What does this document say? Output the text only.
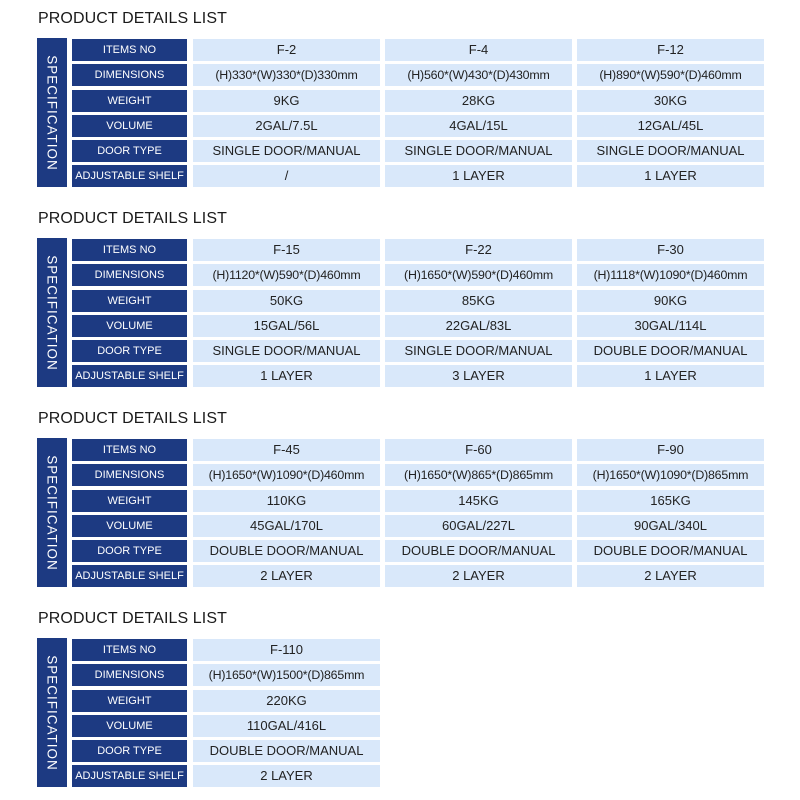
PRODUCT DETAILS LIST
SPECIFICATION
ITEMS NO	F-2	F-4	F-12
DIMENSIONS	(H)330*(W)330*(D)330mm	(H)560*(W)430*(D)430mm	(H)890*(W)590*(D)460mm
WEIGHT	9KG	28KG	30KG
VOLUME	2GAL/7.5L	4GAL/15L	12GAL/45L
DOOR TYPE	SINGLE DOOR/MANUAL	SINGLE DOOR/MANUAL	SINGLE DOOR/MANUAL
ADJUSTABLE SHELF	/	1 LAYER	1 LAYER
PRODUCT DETAILS LIST
SPECIFICATION
ITEMS NO	F-15	F-22	F-30
DIMENSIONS	(H)1120*(W)590*(D)460mm	(H)1650*(W)590*(D)460mm	(H)1118*(W)1090*(D)460mm
WEIGHT	50KG	85KG	90KG
VOLUME	15GAL/56L	22GAL/83L	30GAL/114L
DOOR TYPE	SINGLE DOOR/MANUAL	SINGLE DOOR/MANUAL	DOUBLE DOOR/MANUAL
ADJUSTABLE SHELF	1 LAYER	3 LAYER	1 LAYER
PRODUCT DETAILS LIST
SPECIFICATION
ITEMS NO	F-45	F-60	F-90
DIMENSIONS	(H)1650*(W)1090*(D)460mm	(H)1650*(W)865*(D)865mm	(H)1650*(W)1090*(D)865mm
WEIGHT	110KG	145KG	165KG
VOLUME	45GAL/170L	60GAL/227L	90GAL/340L
DOOR TYPE	DOUBLE DOOR/MANUAL	DOUBLE DOOR/MANUAL	DOUBLE DOOR/MANUAL
ADJUSTABLE SHELF	2 LAYER	2 LAYER	2 LAYER
PRODUCT DETAILS LIST
SPECIFICATION
ITEMS NO	F-110
DIMENSIONS	(H)1650*(W)1500*(D)865mm
WEIGHT	220KG
VOLUME	110GAL/416L
DOOR TYPE	DOUBLE DOOR/MANUAL
ADJUSTABLE SHELF	2 LAYER
